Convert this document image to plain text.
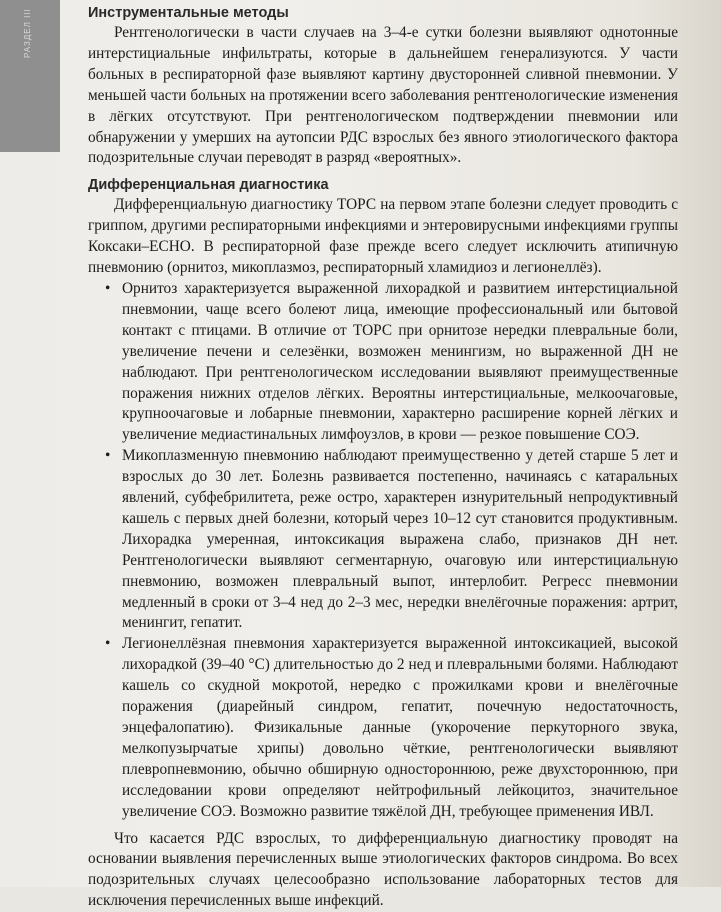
РАЗДЕЛ III	Инструментальные методы

Рентгенологически в части случаев на 3–4-е сутки болезни выявляют однотонные интерстициальные инфильтраты, которые в дальнейшем генерализуются. У части больных в респираторной фазе выявляют картину двусторонней сливной пневмонии. У меньшей части больных на протяжении всего заболевания рентгенологические изменения в лёгких отсутствуют. При рентгенологическом подтверждении пневмонии или обнаружении у умерших на аутопсии РДС взрослых без явного этиологического фактора подозрительные случаи переводят в разряд «вероятных».

Дифференциальная диагностика

Дифференциальную диагностику ТОРС на первом этапе болезни следует проводить с гриппом, другими респираторными инфекциями и энтеровирусными инфекциями группы Коксаки–ЕСНО. В респираторной фазе прежде всего следует исключить атипичную пневмонию (орнитоз, микоплазмоз, респираторный хламидиоз и легионеллёз).

• Орнитоз характеризуется выраженной лихорадкой и развитием интерстициальной пневмонии, чаще всего болеют лица, имеющие профессиональный или бытовой контакт с птицами. В отличие от ТОРС при орнитозе нередки плевральные боли, увеличение печени и селезёнки, возможен менингизм, но выраженной ДН не наблюдают. При рентгенологическом исследовании выявляют преимущественные поражения нижних отделов лёгких. Вероятны интерстициальные, мелкоочаговые, крупноочаговые и лобарные пневмонии, характерно расширение корней лёгких и увеличение медиастинальных лимфоузлов, в крови — резкое повышение СОЭ.
• Микоплазменную пневмонию наблюдают преимущественно у детей старше 5 лет и взрослых до 30 лет. Болезнь развивается постепенно, начинаясь с катаральных явлений, субфебрилитета, реже остро, характерен изнурительный непродуктивный кашель с первых дней болезни, который через 10–12 сут становится продуктивным. Лихорадка умеренная, интоксикация выражена слабо, признаков ДН нет. Рентгенологически выявляют сегментарную, очаговую или интерстициальную пневмонию, возможен плевральный выпот, интерлобит. Регресс пневмонии медленный в сроки от 3–4 нед до 2–3 мес, нередки внелёгочные поражения: артрит, менингит, гепатит.
• Легионеллёзная пневмония характеризуется выраженной интоксикацией, высокой лихорадкой (39–40 °С) длительностью до 2 нед и плевральными болями. Наблюдают кашель со скудной мокротой, нередко с прожилками крови и внелёгочные поражения (диарейный синдром, гепатит, почечную недостаточность, энцефалопатию). Физикальные данные (укорочение перкуторного звука, мелкопузырчатые хрипы) довольно чёткие, рентгенологически выявляют плевропневмонию, обычно обширную одностороннюю, реже двухстороннюю, при исследовании крови определяют нейтрофильный лейкоцитоз, значительное увеличение СОЭ. Возможно развитие тяжёлой ДН, требующее применения ИВЛ.

Что касается РДС взрослых, то дифференциальную диагностику проводят на основании выявления перечисленных выше этиологических факторов синдрома. Во всех подозрительных случаях целесообразно использование лабораторных тестов для исключения перечисленных выше инфекций.
